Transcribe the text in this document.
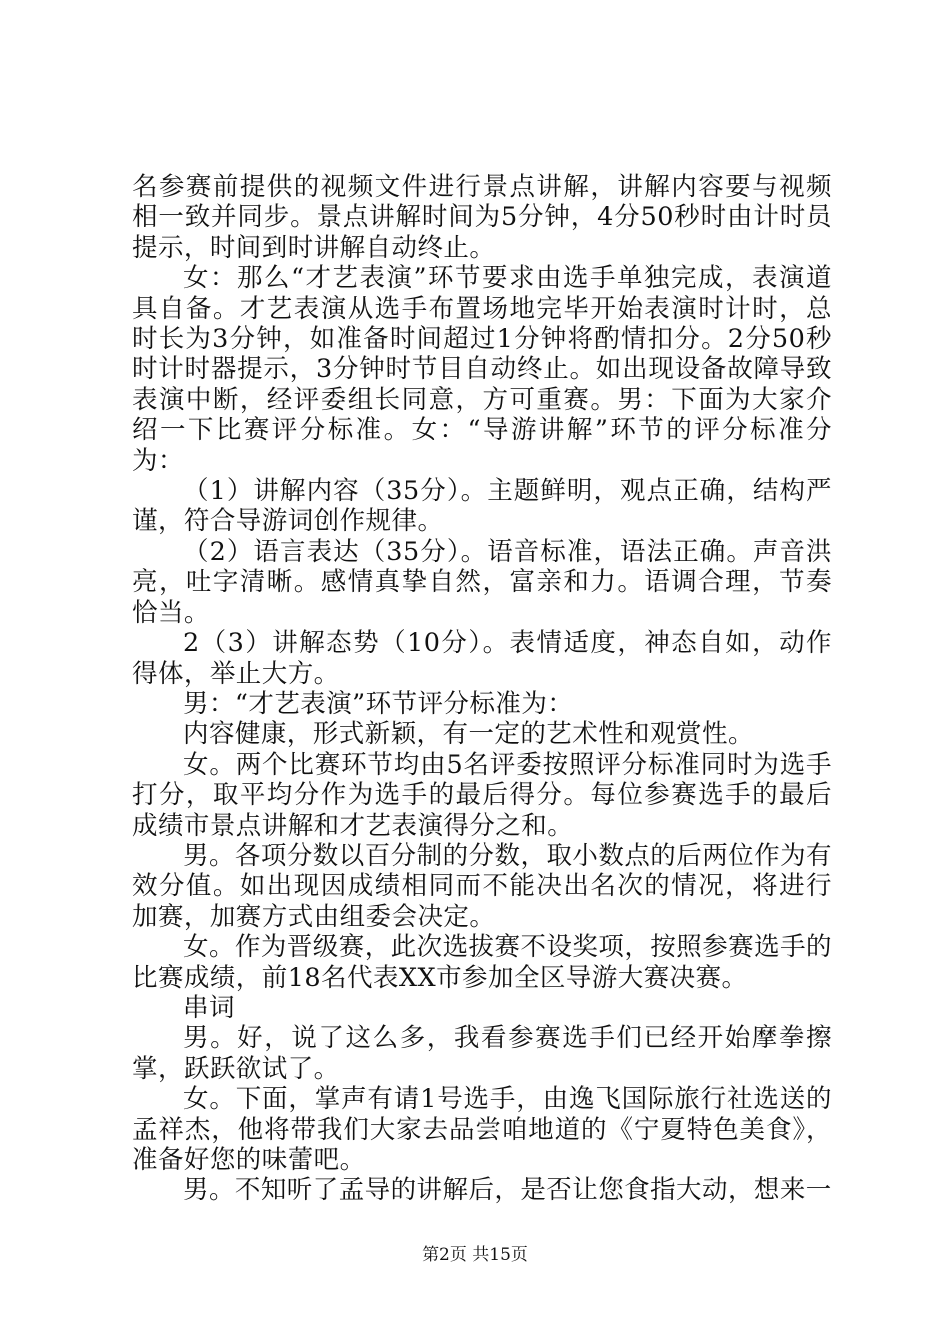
名参赛前提供的视频文件进行景点讲解，讲解内容要与视频相一致并同步。景点讲解时间为5分钟，4分50秒时由计时员提示，时间到时讲解自动终止。

女：那么“才艺表演”环节要求由选手单独完成，表演道具自备。才艺表演从选手布置场地完毕开始表演时计时，总时长为3分钟，如准备时间超过1分钟将酌情扣分。2分50秒时计时器提示，3分钟时节目自动终止。如出现设备故障导致表演中断，经评委组长同意，方可重赛。男：下面为大家介绍一下比赛评分标准。女：“导游讲解”环节的评分标准分为：

（1）讲解内容（35分）。主题鲜明，观点正确，结构严谨，符合导游词创作规律。

（2）语言表达（35分）。语音标准，语法正确。声音洪亮，吐字清晰。感情真挚自然，富亲和力。语调合理，节奏恰当。

2（3）讲解态势（10分）。表情适度，神态自如，动作得体，举止大方。

男：“才艺表演”环节评分标准为：

内容健康，形式新颖，有一定的艺术性和观赏性。

女。两个比赛环节均由5名评委按照评分标准同时为选手打分，取平均分作为选手的最后得分。每位参赛选手的最后成绩市景点讲解和才艺表演得分之和。

男。各项分数以百分制的分数，取小数点的后两位作为有效分值。如出现因成绩相同而不能决出名次的情况，将进行加赛，加赛方式由组委会决定。

女。作为晋级赛，此次选拔赛不设奖项，按照参赛选手的比赛成绩，前18名代表XX市参加全区导游大赛决赛。

串词

男。好，说了这么多，我看参赛选手们已经开始摩拳擦掌，跃跃欲试了。

女。下面，掌声有请1号选手，由逸飞国际旅行社选送的孟祥杰，他将带我们大家去品尝咱地道的《宁夏特色美食》，准备好您的味蕾吧。

男。不知听了孟导的讲解后，是否让您食指大动，想来一

第2页 共15页
